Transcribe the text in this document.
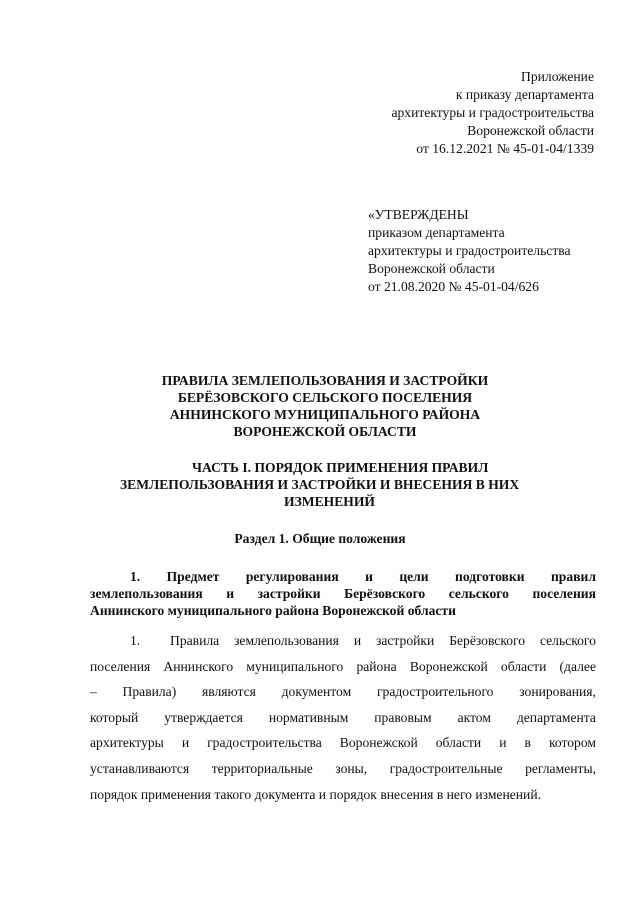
Приложение
к приказу департамента
архитектуры и градостроительства
Воронежской области
от 16.12.2021 № 45-01-04/1339
«УТВЕРЖДЕНЫ
приказом департамента
архитектуры и градостроительства
Воронежской области
от 21.08.2020 № 45-01-04/626
ПРАВИЛА ЗЕМЛЕПОЛЬЗОВАНИЯ И ЗАСТРОЙКИ
БЕРЁЗОВСКОГО СЕЛЬСКОГО ПОСЕЛЕНИЯ
АННИНСКОГО МУНИЦИПАЛЬНОГО РАЙОНА
ВОРОНЕЖСКОЙ ОБЛАСТИ
ЧАСТЬ I. ПОРЯДОК ПРИМЕНЕНИЯ ПРАВИЛ
ЗЕМЛЕПОЛЬЗОВАНИЯ И ЗАСТРОЙКИ И ВНЕСЕНИЯ В НИХ
ИЗМЕНЕНИЙ
Раздел 1. Общие положения
1. Предмет регулирования и цели подготовки правил
землепользования и застройки Берёзовского сельского поселения
Аннинского муниципального района Воронежской области
1. Правила землепользования и застройки Берёзовского сельского
поселения Аннинского муниципального района Воронежской области (далее
– Правила) являются документом градостроительного зонирования,
который утверждается нормативным правовым актом департамента
архитектуры и градостроительства Воронежской области и в котором
устанавливаются территориальные зоны, градостроительные регламенты,
порядок применения такого документа и порядок внесения в него изменений.
